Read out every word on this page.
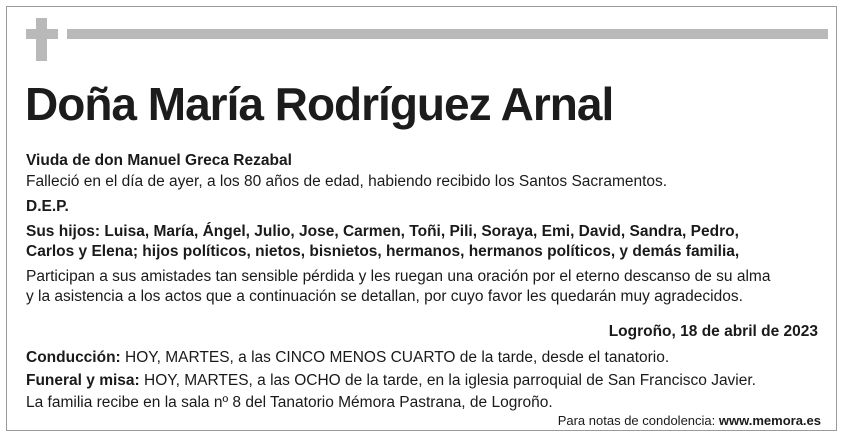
Doña María Rodríguez Arnal
Viuda de don Manuel Greca Rezabal
Falleció en el día de ayer, a los 80 años de edad, habiendo recibido los Santos Sacramentos.
D.E.P.
Sus hijos: Luisa, María, Ángel, Julio, Jose, Carmen, Toñi, Pili, Soraya, Emi, David, Sandra, Pedro,
Carlos y Elena; hijos políticos, nietos, bisnietos, hermanos, hermanos políticos, y demás familia,
Participan a sus amistades tan sensible pérdida y les ruegan una oración por el eterno descanso de su alma
y la asistencia a los actos que a continuación se detallan, por cuyo favor les quedarán muy agradecidos.
Logroño, 18 de abril de 2023
Conducción: HOY, MARTES, a las CINCO MENOS CUARTO de la tarde, desde el tanatorio.
Funeral y misa: HOY, MARTES, a las OCHO de la tarde, en la iglesia parroquial de San Francisco Javier.
La familia recibe en la sala nº 8 del Tanatorio Mémora Pastrana, de Logroño.
Para notas de condolencia: www.memora.es
